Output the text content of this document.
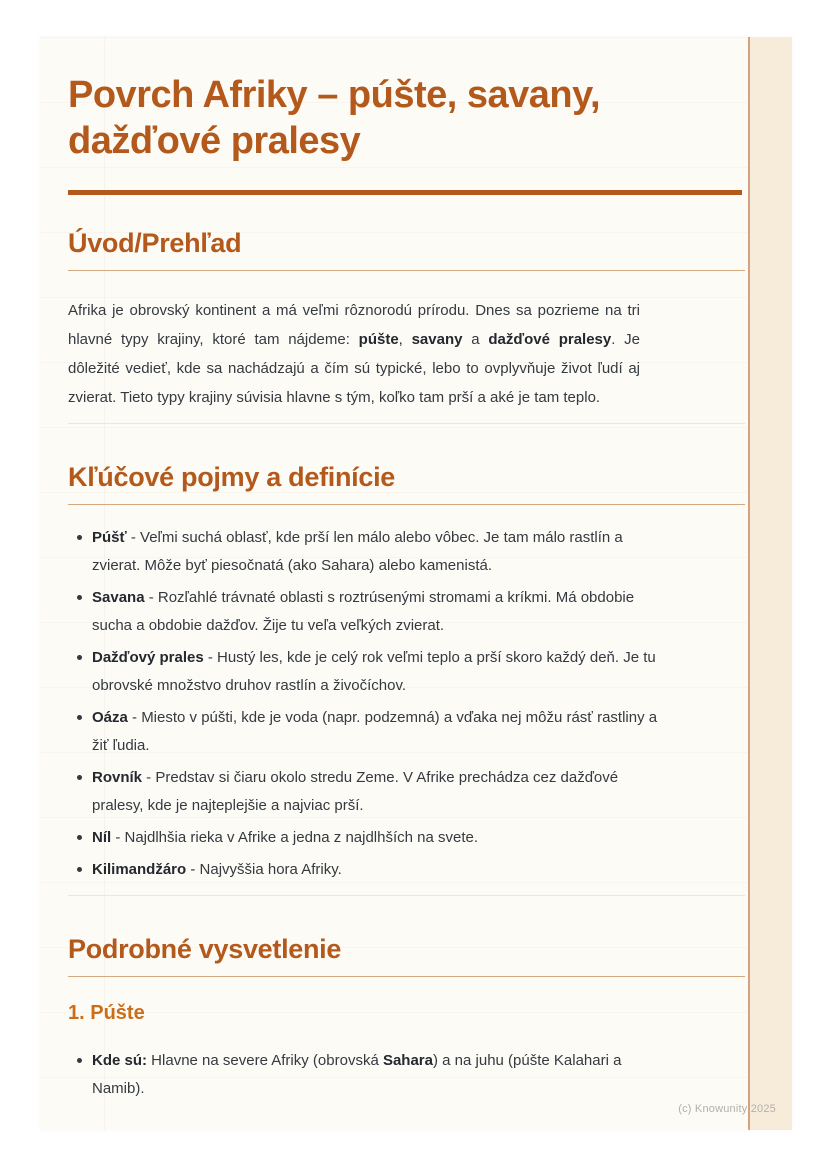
Povrch Afriky – púšte, savany, dažďové pralesy
Úvod/Prehľad

Afrika je obrovský kontinent a má veľmi rôznorodú prírodu. Dnes sa pozrieme na tri hlavné typy krajiny, ktoré tam nájdeme: púšte, savany a dažďové pralesy. Je dôležité vedieť, kde sa nachádzajú a čím sú typické, lebo to ovplyvňuje život ľudí aj zvierat. Tieto typy krajiny súvisia hlavne s tým, koľko tam prší a aké je tam teplo.

Kľúčové pojmy a definície
Púšť - Veľmi suchá oblasť, kde prší len málo alebo vôbec. Je tam málo rastlín a zvierat. Môže byť piesočnatá (ako Sahara) alebo kamenistá.
Savana - Rozľahlé trávnaté oblasti s roztrúsenými stromami a kríkmi. Má obdobie sucha a obdobie dažďov. Žije tu veľa veľkých zvierat.
Dažďový prales - Hustý les, kde je celý rok veľmi teplo a prší skoro každý deň. Je tu obrovské množstvo druhov rastlín a živočíchov.
Oáza - Miesto v púšti, kde je voda (napr. podzemná) a vďaka nej môžu rásť rastliny a žiť ľudia.
Rovník - Predstav si čiaru okolo stredu Zeme. V Afrike prechádza cez dažďové pralesy, kde je najteplejšie a najviac prší.
Níl - Najdlhšia rieka v Afrike a jedna z najdlhších na svete.
Kilimandžáro - Najvyššia hora Afriky.
Podrobné vysvetlenie
1. Púšte
Kde sú: Hlavne na severe Afriky (obrovská Sahara) a na juhu (púšte Kalahari a Namib).
(c) Knowunity 2025
